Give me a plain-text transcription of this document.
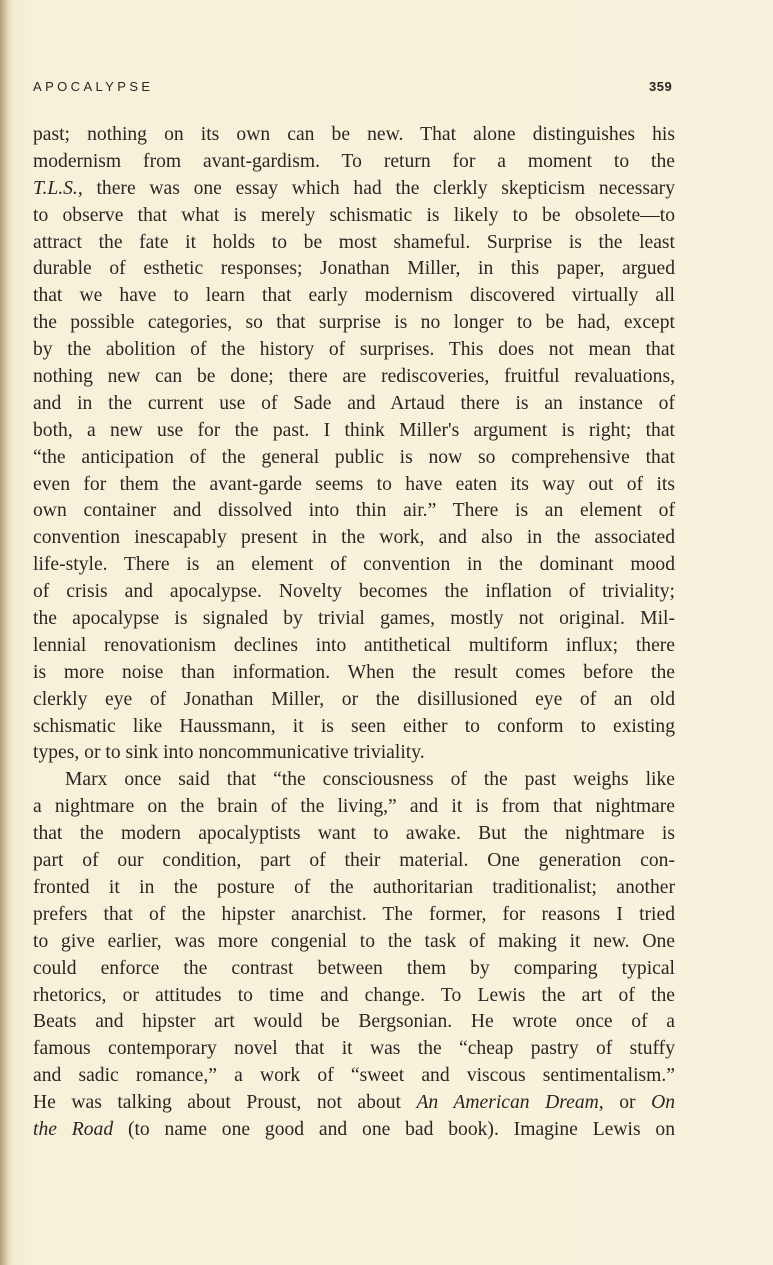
APOCALYPSE	359
past; nothing on its own can be new. That alone distinguishes his
modernism from avant-gardism. To return for a moment to the
T.L.S., there was one essay which had the clerkly skepticism necessary
to observe that what is merely schismatic is likely to be obsolete—to
attract the fate it holds to be most shameful. Surprise is the least
durable of esthetic responses; Jonathan Miller, in this paper, argued
that we have to learn that early modernism discovered virtually all
the possible categories, so that surprise is no longer to be had, except
by the abolition of the history of surprises. This does not mean that
nothing new can be done; there are rediscoveries, fruitful revaluations,
and in the current use of Sade and Artaud there is an instance of
both, a new use for the past. I think Miller's argument is right; that
“the anticipation of the general public is now so comprehensive that
even for them the avant-garde seems to have eaten its way out of its
own container and dissolved into thin air.” There is an element of
convention inescapably present in the work, and also in the associated
life-style. There is an element of convention in the dominant mood
of crisis and apocalypse. Novelty becomes the inflation of triviality;
the apocalypse is signaled by trivial games, mostly not original. Mil-
lennial renovationism declines into antithetical multiform influx; there
is more noise than information. When the result comes before the
clerkly eye of Jonathan Miller, or the disillusioned eye of an old
schismatic like Haussmann, it is seen either to conform to existing
types, or to sink into noncommunicative triviality.
Marx once said that “the consciousness of the past weighs like
a nightmare on the brain of the living,” and it is from that nightmare
that the modern apocalyptists want to awake. But the nightmare is
part of our condition, part of their material. One generation con-
fronted it in the posture of the authoritarian traditionalist; another
prefers that of the hipster anarchist. The former, for reasons I tried
to give earlier, was more congenial to the task of making it new. One
could enforce the contrast between them by comparing typical
rhetorics, or attitudes to time and change. To Lewis the art of the
Beats and hipster art would be Bergsonian. He wrote once of a
famous contemporary novel that it was the “cheap pastry of stuffy
and sadic romance,” a work of “sweet and viscous sentimentalism.”
He was talking about Proust, not about An American Dream, or On
the Road (to name one good and one bad book). Imagine Lewis on
